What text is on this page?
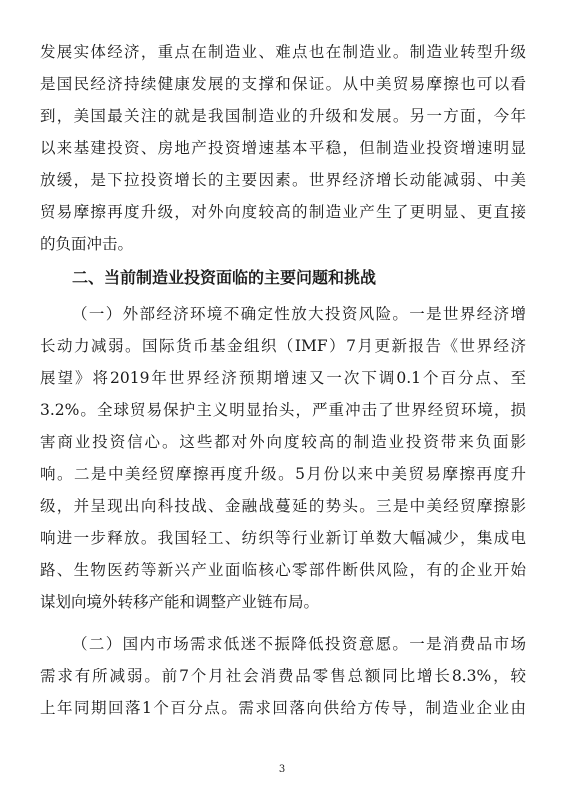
发展实体经济，重点在制造业、难点也在制造业。制造业转型升级
是国民经济持续健康发展的支撑和保证。从中美贸易摩擦也可以看
到，美国最关注的就是我国制造业的升级和发展。另一方面，今年
以来基建投资、房地产投资增速基本平稳，但制造业投资增速明显
放缓，是下拉投资增长的主要因素。世界经济增长动能减弱、中美
贸易摩擦再度升级，对外向度较高的制造业产生了更明显、更直接
的负面冲击。
二、当前制造业投资面临的主要问题和挑战
（一）外部经济环境不确定性放大投资风险。一是世界经济增
长动力减弱。国际货币基金组织（IMF）7月更新报告《世界经济
展望》将2019年世界经济预期增速又一次下调0.1个百分点、至
3.2%。全球贸易保护主义明显抬头，严重冲击了世界经贸环境，损
害商业投资信心。这些都对外向度较高的制造业投资带来负面影
响。二是中美经贸摩擦再度升级。5月份以来中美贸易摩擦再度升
级，并呈现出向科技战、金融战蔓延的势头。三是中美经贸摩擦影
响进一步释放。我国轻工、纺织等行业新订单数大幅减少，集成电
路、生物医药等新兴产业面临核心零部件断供风险，有的企业开始
谋划向境外转移产能和调整产业链布局。
（二）国内市场需求低迷不振降低投资意愿。一是消费品市场
需求有所减弱。前7个月社会消费品零售总额同比增长8.3%，较
上年同期回落1个百分点。需求回落向供给方传导，制造业企业由
3
